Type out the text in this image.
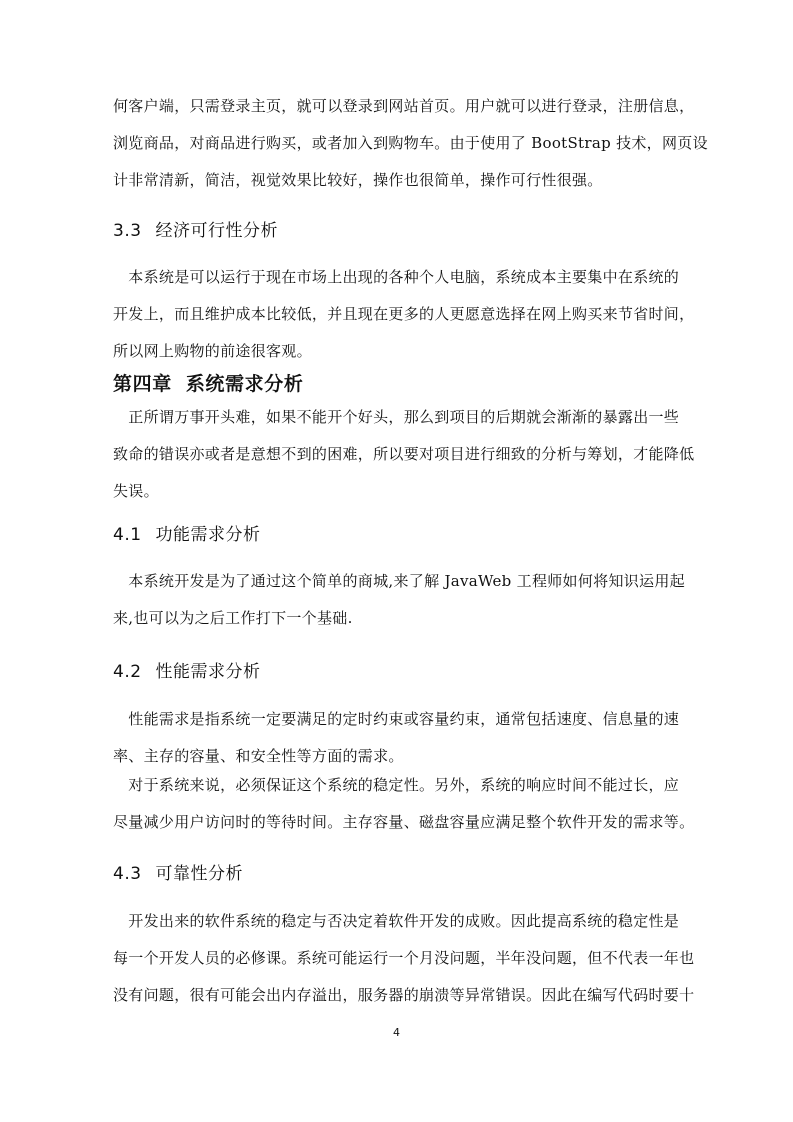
何客户端，只需登录主页，就可以登录到网站首页。用户就可以进行登录，注册信息，
浏览商品，对商品进行购买，或者加入到购物车。由于使用了 BootStrap 技术，网页设
计非常清新，简洁，视觉效果比较好，操作也很简单，操作可行性很强。

3.3 经济可行性分析

　本系统是可以运行于现在市场上出现的各种个人电脑，系统成本主要集中在系统的
开发上，而且维护成本比较低，并且现在更多的人更愿意选择在网上购买来节省时间，
所以网上购物的前途很客观。

第四章 系统需求分析

　正所谓万事开头难，如果不能开个好头，那么到项目的后期就会渐渐的暴露出一些
致命的错误亦或者是意想不到的困难，所以要对项目进行细致的分析与筹划，才能降低
失误。

4.1 功能需求分析

　本系统开发是为了通过这个简单的商城,来了解 JavaWeb 工程师如何将知识运用起
来,也可以为之后工作打下一个基础.

4.2 性能需求分析

　性能需求是指系统一定要满足的定时约束或容量约束，通常包括速度、信息量的速
率、主存的容量、和安全性等方面的需求。

　对于系统来说，必须保证这个系统的稳定性。另外，系统的响应时间不能过长，应
尽量减少用户访问时的等待时间。主存容量、磁盘容量应满足整个软件开发的需求等。

4.3 可靠性分析

　开发出来的软件系统的稳定与否决定着软件开发的成败。因此提高系统的稳定性是
每一个开发人员的必修课。系统可能运行一个月没问题，半年没问题，但不代表一年也
没有问题，很有可能会出内存溢出，服务器的崩溃等异常错误。因此在编写代码时要十

4
